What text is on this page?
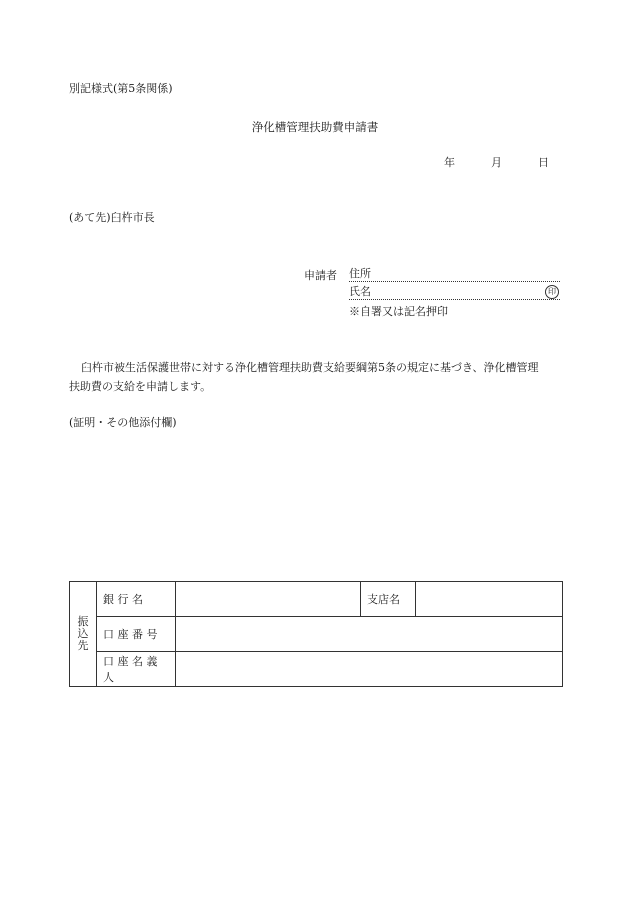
別記様式(第5条関係)
浄化槽管理扶助費申請書
年	月	日
(あて先)臼杵市長
申請者 住所
氏名	印
※自署又は記名押印
臼杵市被生活保護世帯に対する浄化槽管理扶助費支給要綱第5条の規定に基づき、浄化槽管理
扶助費の支給を申請します。
(証明・その他添付欄)
振
込
先	銀 行 名		支店名	

口 座 番 号			

口 座 名 義 人			
